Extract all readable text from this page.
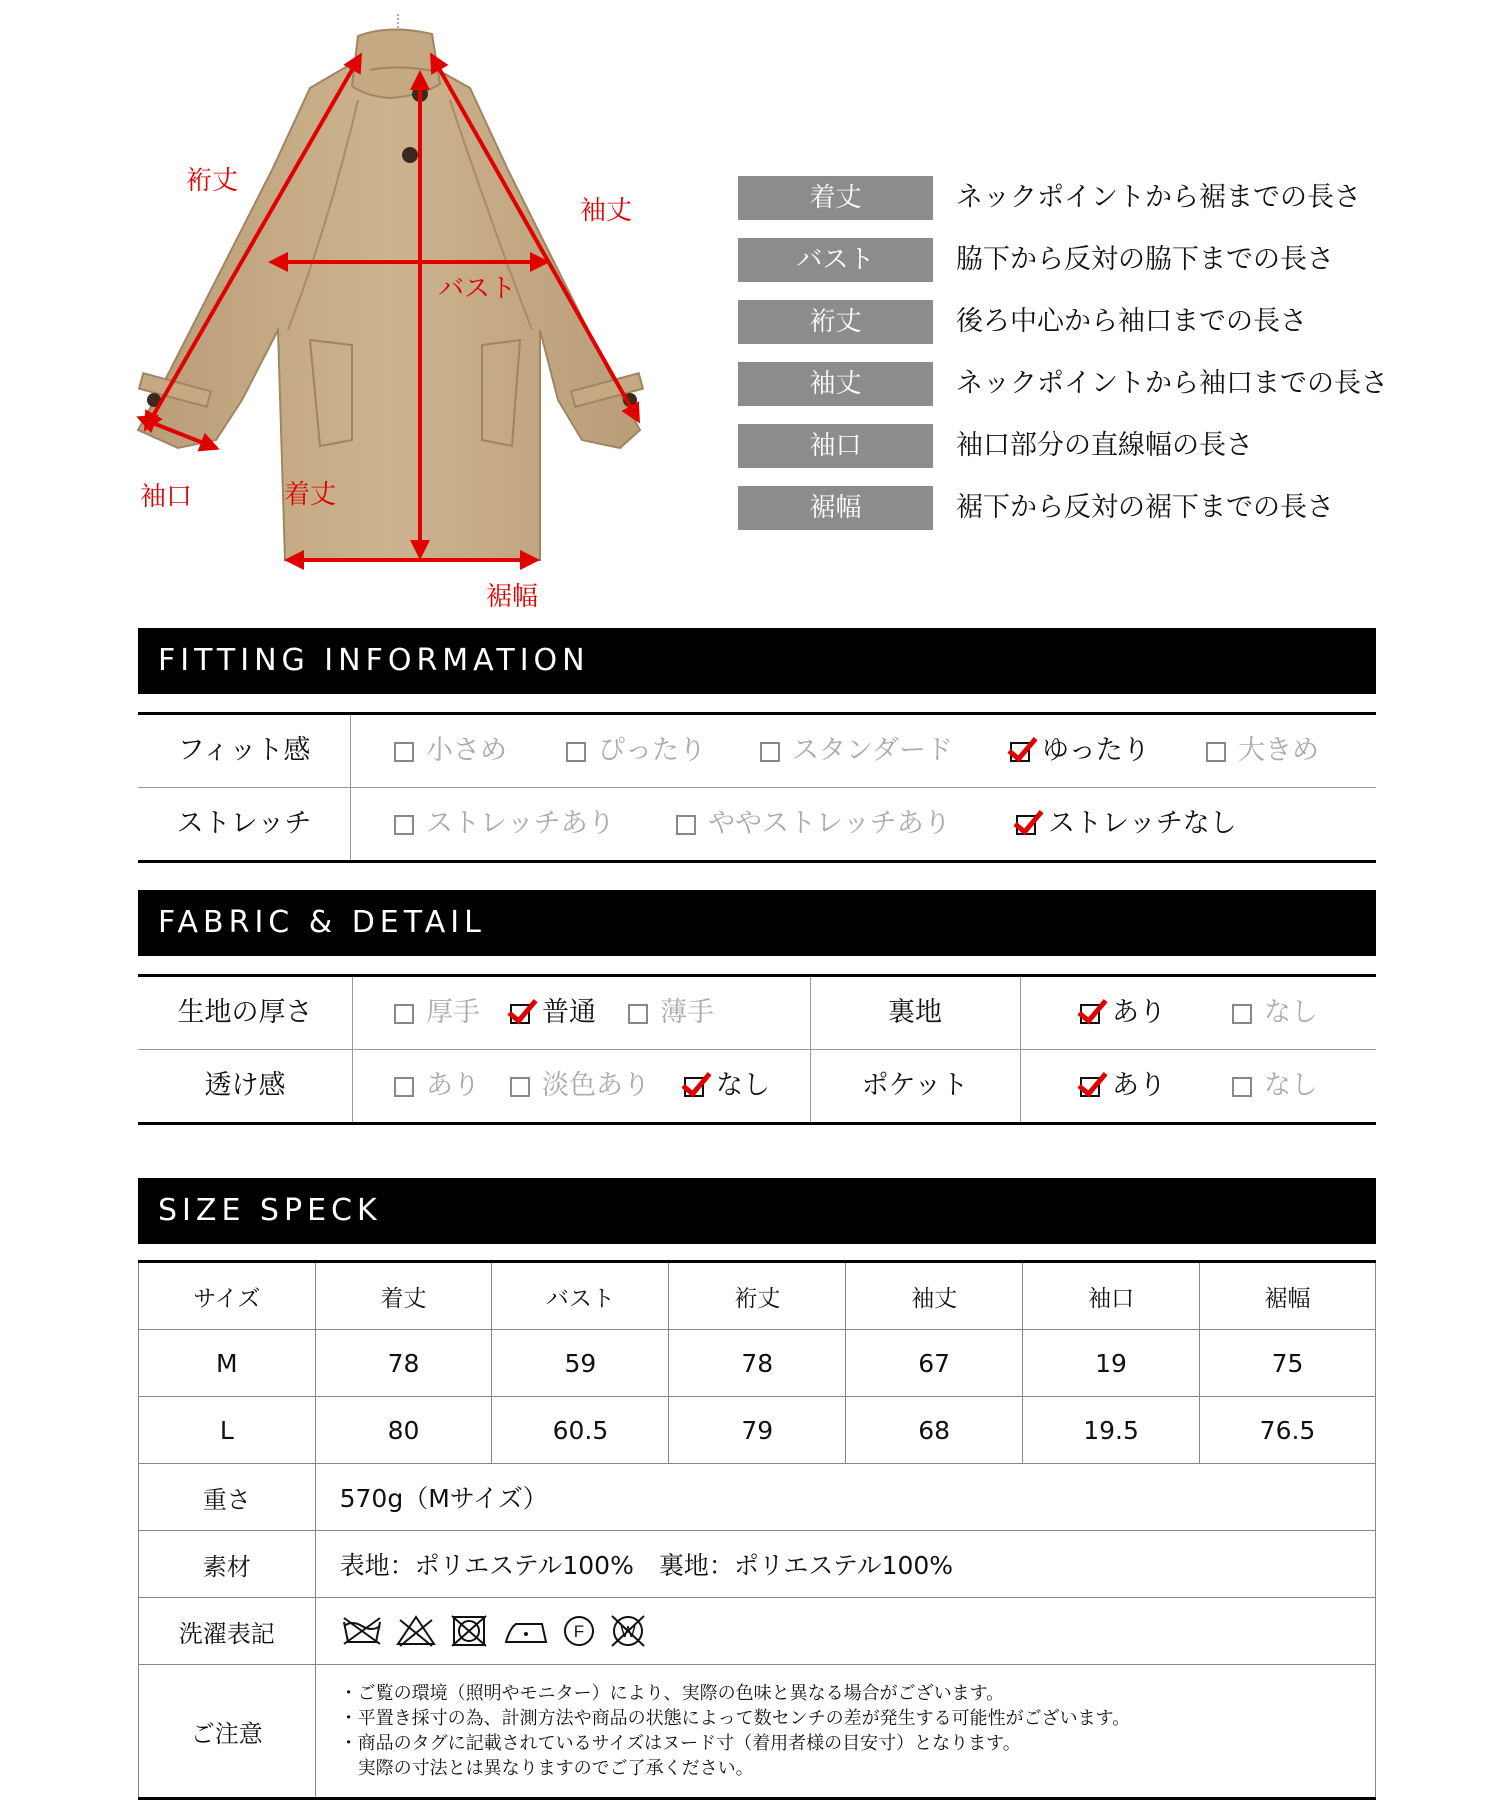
裄丈
袖丈
バスト
袖口	着丈
裾幅
着丈	ネックポイントから裾までの長さ
バスト	脇下から反対の脇下までの長さ
裄丈	後ろ中心から袖口までの長さ
袖丈	ネックポイントから袖口までの長さ
袖口	袖口部分の直線幅の長さ
裾幅	裾下から反対の裾下までの長さ
FITTING INFORMATION
フィット感	小さめ	ぴったり	スタンダード	ゆったり	大きめ
ストレッチ	ストレッチあり	ややストレッチあり	ストレッチなし
FABRIC & DETAIL
生地の厚さ	厚手	普通	薄手	裏地	あり	なし
透け感	あり	淡色あり	なし	ポケット	あり	なし
SIZE SPECK
サイズ	着丈	バスト	裄丈	袖丈	袖口	裾幅
M	78	59	78	67	19	75
L	80	60.5	79	68	19.5	76.5
重さ	570g（Mサイズ）					
素材	表地：ポリエステル100%　裏地：ポリエステル100%					
洗濯表記	F W					

ご注意	・ご覧の環境（照明やモニター）により、実際の色味と異なる場合がございます。
・平置き採寸の為、計測方法や商品の状態によって数センチの差が発生する可能性がございます。
・商品のタグに記載されているサイズはヌード寸（着用者様の目安寸）となります。
　実際の寸法とは異なりますのでご了承ください。					
